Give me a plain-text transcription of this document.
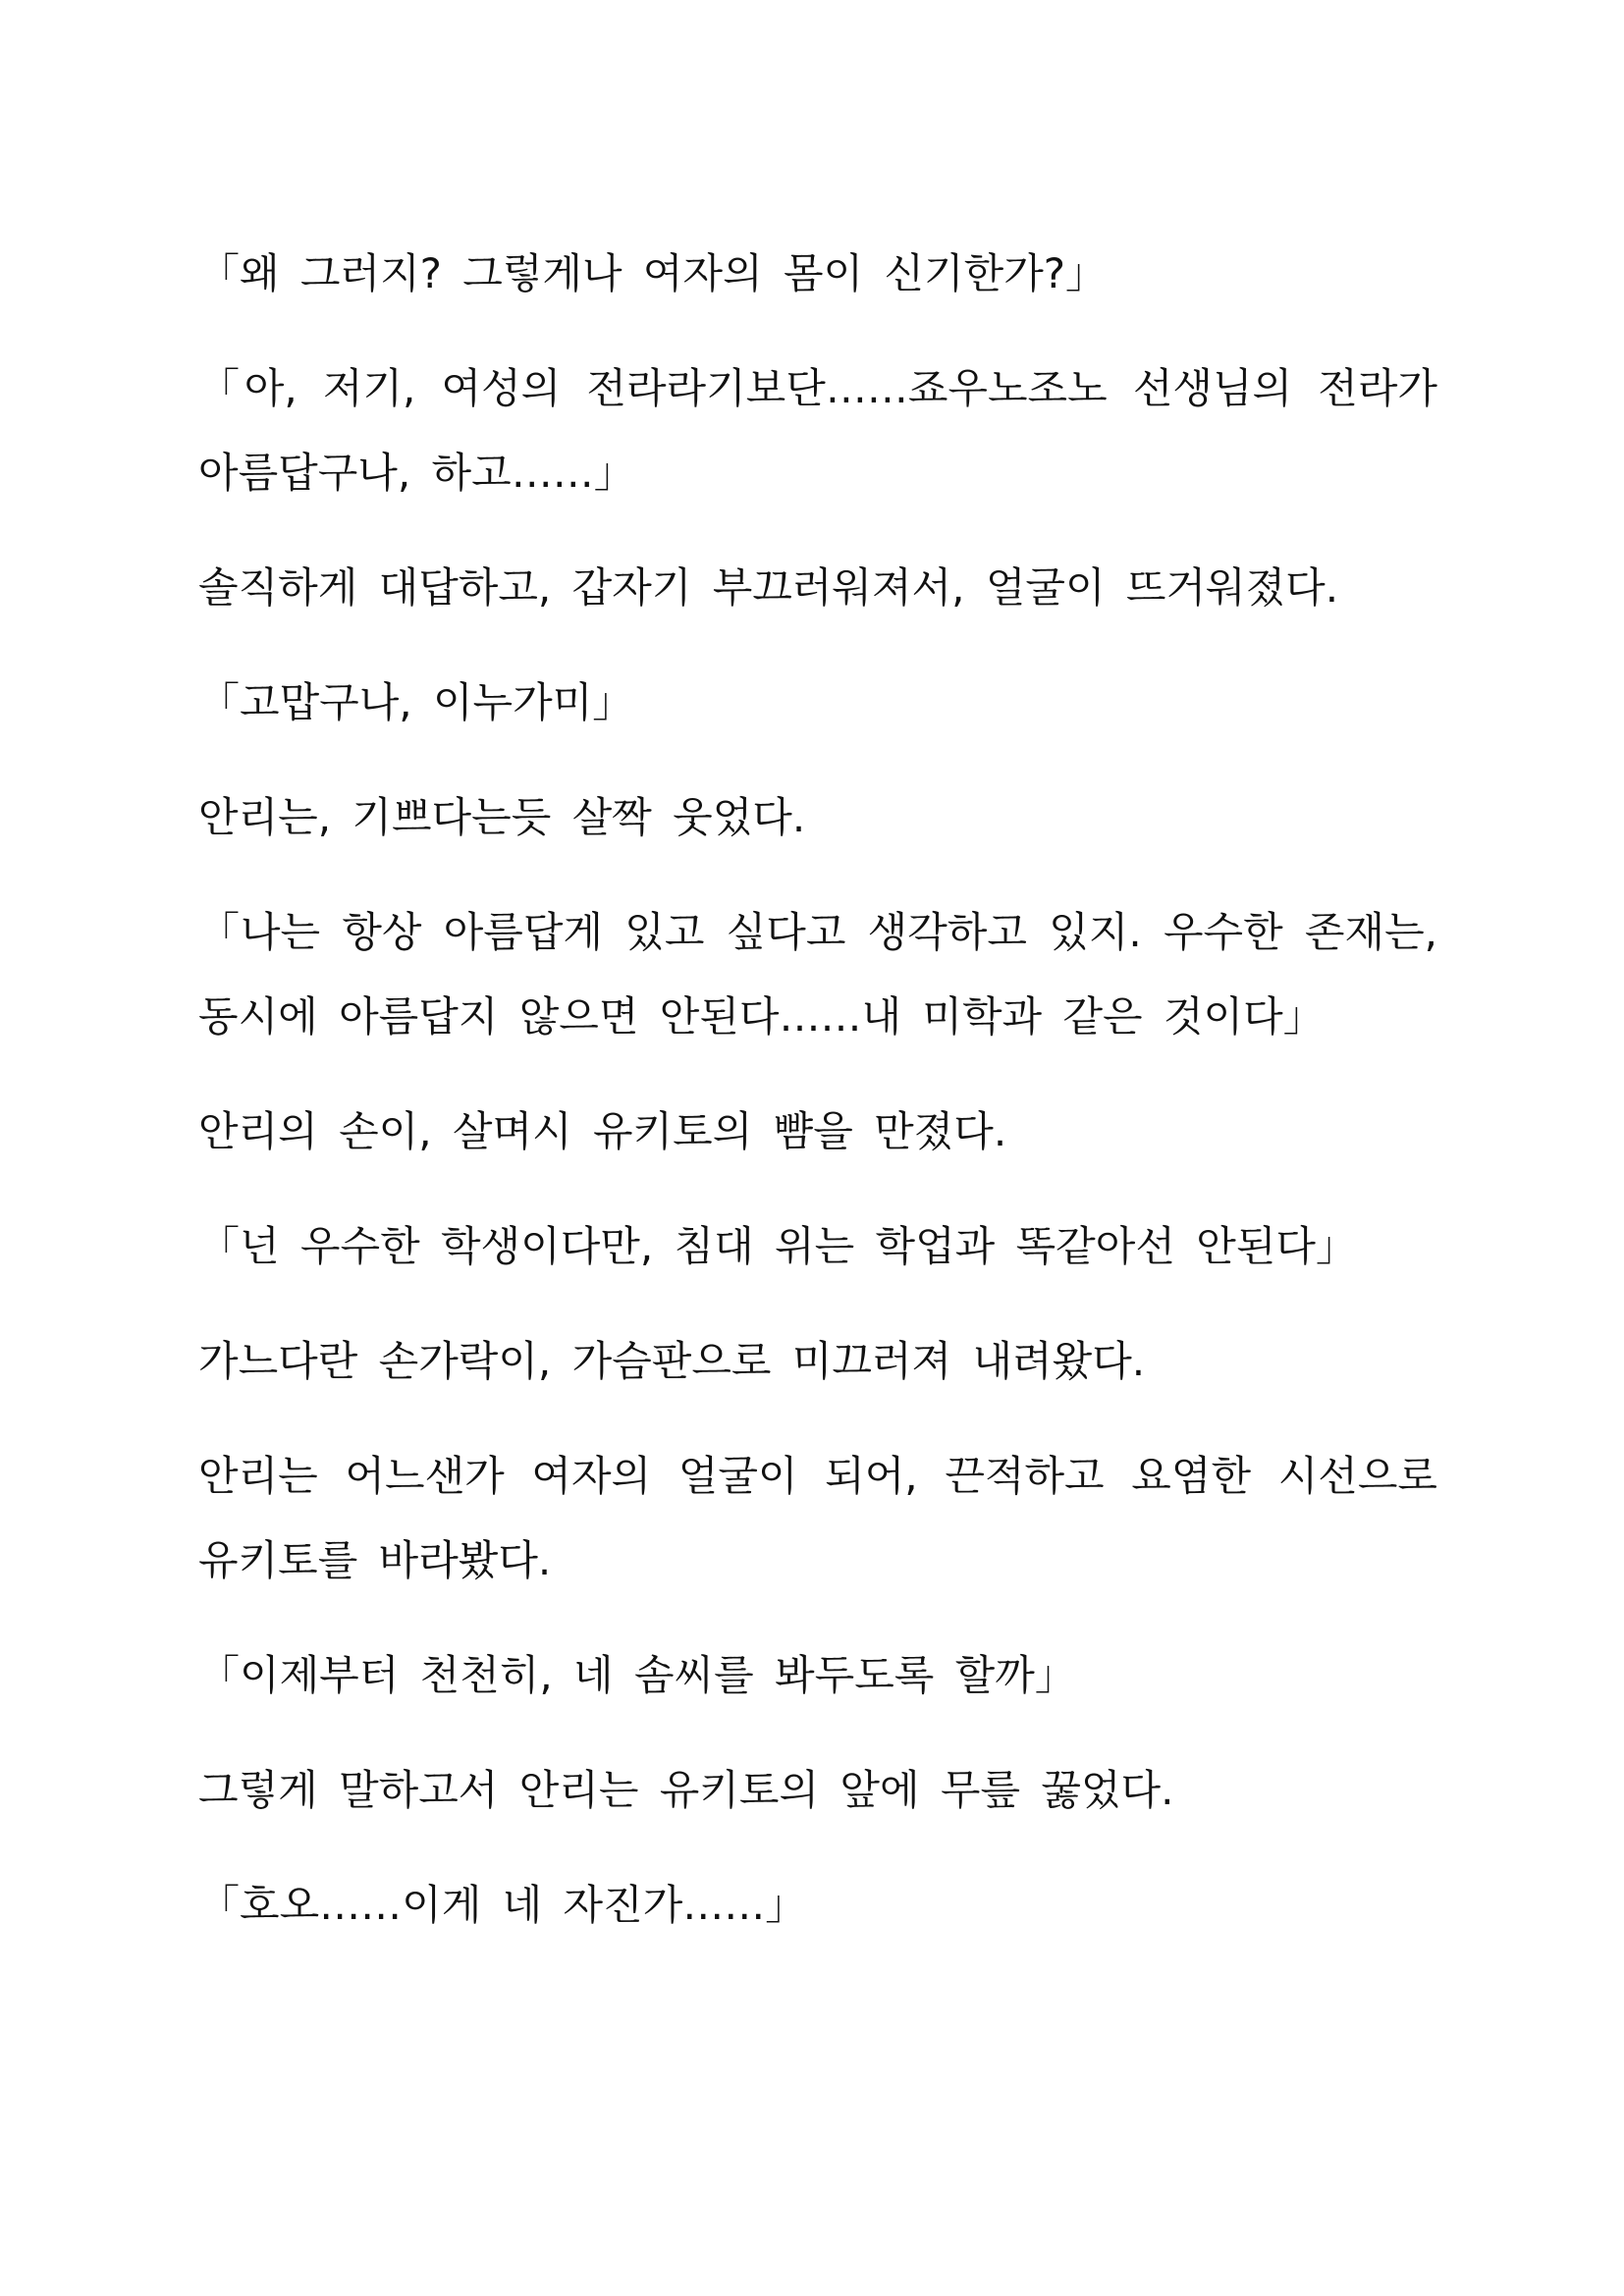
「왜 그러지? 그렇게나 여자의 몸이 신기한가?」

「아, 저기, 여성의 전라라기보단……죠우노조노 선생님의 전라가 아름답구나, 하고……」

솔직하게 대답하고, 갑자기 부끄러워져서, 얼굴이 뜨거워졌다.

「고맙구나, 이누가미」

안리는, 기쁘다는듯 살짝 웃었다.

「나는 항상 아름답게 있고 싶다고 생각하고 있지. 우수한 존재는, 동시에 아름답지 않으면 안된다……내 미학과 같은 것이다」

안리의 손이, 살며시 유키토의 뺨을 만졌다.

「넌 우수한 학생이다만, 침대 위는 학업과 똑같아선 안된다」

가느다란 손가락이, 가슴판으로 미끄러져 내려왔다.

안리는 어느샌가 여자의 얼굴이 되어, 끈적하고 요염한 시선으로 유키토를 바라봤다.

「이제부터 천천히, 네 솜씨를 봐두도록 할까」

그렇게 말하고서 안리는 유키토의 앞에 무릎 꿇었다.

「호오……이게 네 자진가……」
